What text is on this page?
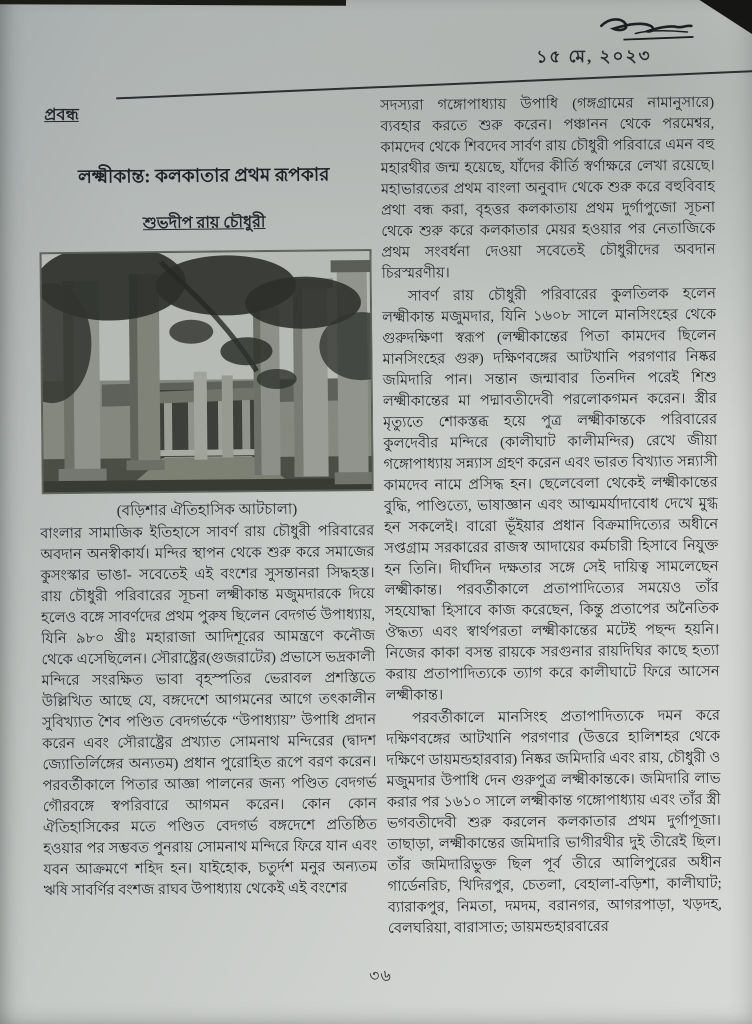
১৫ মে, ২০২৩
প্রবন্ধ
লক্ষ্মীকান্ত: কলকাতার প্রথম রূপকার
শুভদীপ রায় চৌধুরী
(বড়িশার ঐতিহাসিক আটচালা)

বাংলার সামাজিক ইতিহাসে সাবর্ণ রায় চৌধুরী পরিবারের অবদান অনস্বীকার্য। মন্দির স্থাপন থেকে শুরু করে সমাজের কুসংস্কার ভাঙা- সবেতেই এই বংশের সুসন্তানরা সিদ্ধহস্ত। রায় চৌধুরী পরিবারের সূচনা লক্ষ্মীকান্ত মজুমদারকে দিয়ে হলেও বঙ্গে সাবর্ণদের প্রথম পুরুষ ছিলেন বেদগর্ভ উপাধ্যায়, যিনি ৯৮০ খ্রীঃ মহারাজা আদিশূরের আমন্ত্রণে কনৌজ থেকে এসেছিলেন। সৌরাষ্ট্রের(গুজরাটের) প্রভাসে ভদ্রকালী মন্দিরে সংরক্ষিত ভাবা বৃহস্পতির ভেরাবল প্রশস্তিতে উল্লিখিত আছে যে, বঙ্গদেশে আগমনের আগে তৎকালীন সুবিখ্যাত শৈব পণ্ডিত বেদগর্ভকে “উপাধ্যায়” উপাধি প্রদান করেন এবং সৌরাষ্ট্রের প্রখ্যাত সোমনাথ মন্দিরের (দ্বাদশ জ্যোতির্লিঙ্গের অন্যতম) প্রধান পুরোহিত রূপে বরণ করেন। পরবর্তীকালে পিতার আজ্ঞা পালনের জন্য পণ্ডিত বেদগর্ভ গৌরবঙ্গে স্বপরিবারে আগমন করেন। কোন কোন ঐতিহাসিকের মতে পণ্ডিত বেদগর্ভ বঙ্গদেশে প্রতিষ্ঠিত হওয়ার পর সম্ভবত পুনরায় সোমনাথ মন্দিরে ফিরে যান এবং যবন আক্রমণে শহিদ হন। যাইহোক, চতুর্দশ মনুর অন্যতম ঋষি সাবর্ণির বংশজ রাঘব উপাধ্যায় থেকেই এই বংশের

সদস্যরা গঙ্গোপাধ্যায় উপাধি (গঙ্গগ্রামের নামানুসারে) ব্যবহার করতে শুরু করেন। পঞ্চানন থেকে পরমেশ্বর, কামদেব থেকে শিবদেব সার্বণ রায় চৌধুরী পরিবারে এমন বহু মহারথীর জন্ম হয়েছে, যাঁদের কীর্তি স্বর্ণাক্ষরে লেখা রয়েছে। মহাভারতের প্রথম বাংলা অনুবাদ থেকে শুরু করে বহুবিবাহ প্রথা বন্ধ করা, বৃহত্তর কলকাতায় প্রথম দুর্গাপুজো সূচনা থেকে শুরু করে কলকাতার মেয়র হওয়ার পর নেতাজিকে প্রথম সংবর্ধনা দেওয়া সবেতেই চৌধুরীদের অবদান চিরস্মরণীয়।

সাবর্ণ রায় চৌধুরী পরিবারের কুলতিলক হলেন লক্ষ্মীকান্ত মজুমদার, যিনি ১৬০৮ সালে মানসিংহের থেকে গুরুদক্ষিণা স্বরূপ (লক্ষ্মীকান্তের পিতা কামদেব ছিলেন মানসিংহের গুরু) দক্ষিণবঙ্গের আটখানি পরগণার নিষ্কর জমিদারি পান। সন্তান জন্মাবার তিনদিন পরেই শিশু লক্ষ্মীকান্তের মা পদ্মাবতীদেবী পরলোকগমন করেন। স্ত্রীর মৃত্যুতে শোকস্তব্ধ হয়ে পুত্র লক্ষ্মীকান্তকে পরিবারের কুলদেবীর মন্দিরে (কালীঘাট কালীমন্দির) রেখে জীয়া গঙ্গোপাধ্যায় সন্ন্যাস গ্রহণ করেন এবং ভারত বিখ্যাত সন্ন্যাসী কামদেব নামে প্রসিদ্ধ হন। ছেলেবেলা থেকেই লক্ষ্মীকান্তের বুদ্ধি, পাণ্ডিত্যে, ভাষাজ্ঞান এবং আত্মমর্যাদাবোধ দেখে মুগ্ধ হন সকলেই। বারো ভূঁইয়ার প্রধান বিক্রমাদিত্যের অধীনে সপ্তগ্রাম সরকারের রাজস্ব আদায়ের কর্মচারী হিসাবে নিযুক্ত হন তিনি। দীর্ঘদিন দক্ষতার সঙ্গে সেই দায়িত্ব সামলেছেন লক্ষ্মীকান্ত। পরবর্তীকালে প্রতাপাদিত্যের সময়েও তাঁর সহযোদ্ধা হিসাবে কাজ করেছেন, কিন্তু প্রতাপের অনৈতিক ঔদ্ধত্য এবং স্বার্থপরতা লক্ষ্মীকান্তের মটেই পছন্দ হয়নি। নিজের কাকা বসন্ত রায়কে সরগুনার রায়দিঘির কাছে হত্যা করায় প্রতাপাদিত্যকে ত্যাগ করে কালীঘাটে ফিরে আসেন লক্ষ্মীকান্ত।

পরবর্তীকালে মানসিংহ প্রতাপাদিত্যকে দমন করে দক্ষিণবঙ্গের আটখানি পরগণার (উত্তরে হালিশহর থেকে দক্ষিণে ডায়মন্ডহারবার) নিষ্কর জমিদারি এবং রায়, চৌধুরী ও মজুমদার উপাধি দেন গুরুপুত্র লক্ষ্মীকান্তকে। জমিদারি লাভ করার পর ১৬১০ সালে লক্ষ্মীকান্ত গঙ্গোপাধ্যায় এবং তাঁর স্ত্রী ভগবতীদেবী শুরু করলেন কলকাতার প্রথম দুর্গাপূজা। তাছাড়া, লক্ষ্মীকান্তের জমিদারি ভাগীরথীর দুই তীরেই ছিল। তাঁর জমিদারিভুক্ত ছিল পূর্ব তীরে আলিপুরের অধীন গার্ডেনরিচ, খিদিরপুর, চেতলা, বেহালা-বড়িশা, কালীঘাট; ব্যারাকপুর, নিমতা, দমদম, বরানগর, আগরপাড়া, খড়দহ, বেলঘরিয়া, বারাসাত; ডায়মন্ডহারবারের

৩৬
